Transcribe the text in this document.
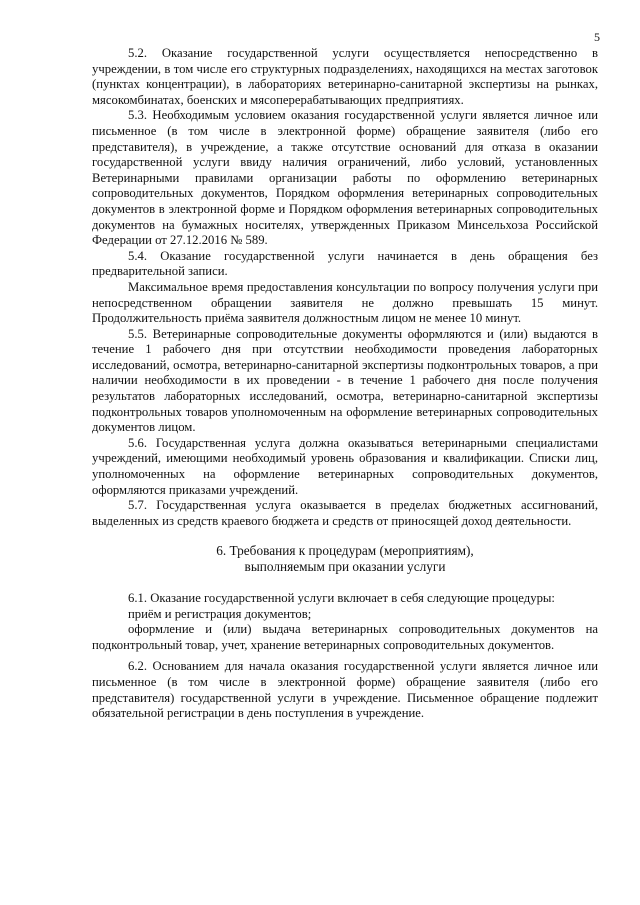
5

5.2. Оказание государственной услуги осуществляется непосредственно в учреждении, в том числе его структурных подразделениях, находящихся на местах заготовок (пунктах концентрации), в лабораториях ветеринарно-санитарной экспертизы на рынках, мясокомбинатах, боенских и мясоперерабатывающих предприятиях.

5.3. Необходимым условием оказания государственной услуги является личное или письменное (в том числе в электронной форме) обращение заявителя (либо его представителя), в учреждение, а также отсутствие оснований для отказа в оказании государственной услуги ввиду наличия ограничений, либо условий, установленных Ветеринарными правилами организации работы по оформлению ветеринарных сопроводительных документов, Порядком оформления ветеринарных сопроводительных документов в электронной форме и Порядком оформления ветеринарных сопроводительных документов на бумажных носителях, утвержденных Приказом Минсельхоза Российской Федерации от 27.12.2016 № 589.

5.4. Оказание государственной услуги начинается в день обращения без предварительной записи.

Максимальное время предоставления консультации по вопросу получения услуги при непосредственном обращении заявителя не должно превышать 15 минут. Продолжительность приёма заявителя должностным лицом не менее 10 минут.

5.5. Ветеринарные сопроводительные документы оформляются и (или) выдаются в течение 1 рабочего дня при отсутствии необходимости проведения лабораторных исследований, осмотра, ветеринарно-санитарной экспертизы подконтрольных товаров, а при наличии необходимости в их проведении - в течение 1 рабочего дня после получения результатов лабораторных исследований, осмотра, ветеринарно-санитарной экспертизы подконтрольных товаров уполномоченным на оформление ветеринарных сопроводительных документов лицом.

5.6. Государственная услуга должна оказываться ветеринарными специалистами учреждений, имеющими необходимый уровень образования и квалификации. Списки лиц, уполномоченных на оформление ветеринарных сопроводительных документов, оформляются приказами учреждений.

5.7. Государственная услуга оказывается в пределах бюджетных ассигнований, выделенных из средств краевого бюджета и средств от приносящей доход деятельности.

6. Требования к процедурам (мероприятиям),
выполняемым при оказании услуги

6.1. Оказание государственной услуги включает в себя следующие процедуры:

приём и регистрация документов;

оформление и (или) выдача ветеринарных сопроводительных документов на подконтрольный товар, учет, хранение ветеринарных сопроводительных документов.

6.2. Основанием для начала оказания государственной услуги является личное или письменное (в том числе в электронной форме) обращение заявителя (либо его представителя) государственной услуги в учреждение. Письменное обращение подлежит обязательной регистрации в день поступления в учреждение.
